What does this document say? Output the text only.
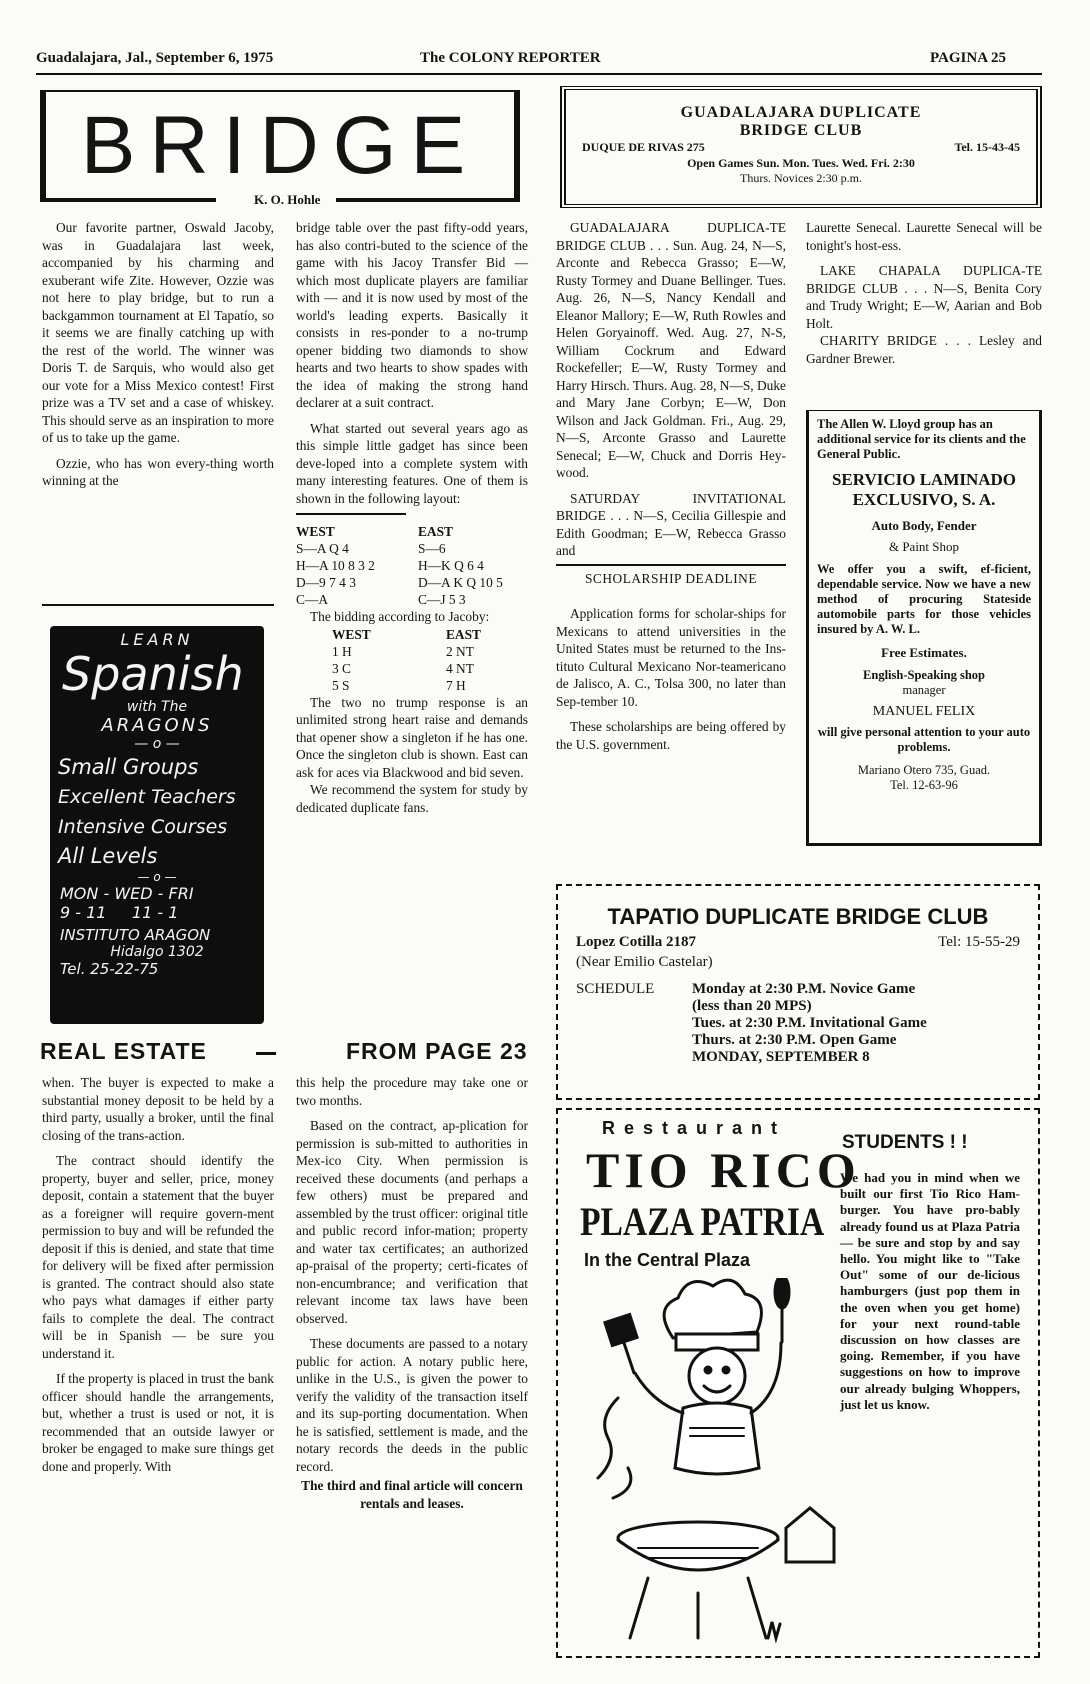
Guadalajara, Jal., September 6, 1975	The COLONY REPORTER	PAGINA 25
BRIDGE
K. O. Hohle

Our favorite partner, Oswald Jacoby, was in Guadalajara last week, accompanied by his charming and exuberant wife Zite. However, Ozzie was not here to play bridge, but to run a backgammon tournament at El Tapatío, so it seems we are finally catching up with the rest of the world. The winner was Doris T. de Sarquis, who would also get our vote for a Miss Mexico contest! First prize was a TV set and a case of whiskey. This should serve as an inspiration to more of us to take up the game.

Ozzie, who has won every-thing worth winning at the

bridge table over the past fifty-odd years, has also contri-buted to the science of the game with his Jacoy Transfer Bid — which most duplicate players are familiar with — and it is now used by most of the world's leading experts. Basically it consists in res-ponder to a no-trump opener bidding two diamonds to show hearts and two hearts to show spades with the idea of making the strong hand declarer at a suit contract.

What started out several years ago as this simple little gadget has since been deve-loped into a complete system with many interesting features. One of them is shown in the following layout:

WEST	EAST
S—A Q 4	S—6
H—A 10 8 3 2	H—K Q 6 4
D—9 7 4 3	D—A K Q 10 5
C—A	C—J 5 3

The bidding according to Jacoby:

WEST	EAST
1 H	2 NT
3 C	4 NT
5 S	7 H

The two no trump response is an unlimited strong heart raise and demands that opener show a singleton if he has one. Once the singleton club is shown. East can ask for aces via Blackwood and bid seven.

We recommend the system for study by dedicated duplicate fans.

LEARN
Spanish
with The
ARAGONS
— o —
Small Groups
Excellent Teachers
Intensive Courses
All Levels
— o —
MON - WED - FRI
9 - 11     11 - 1
INSTITUTO ARAGON
Hidalgo 1302
Tel. 25-22-75
REAL ESTATE	FROM PAGE 23

when. The buyer is expected to make a substantial money deposit to be held by a third party, usually a broker, until the final closing of the trans-action.

The contract should identify the property, buyer and seller, price, money deposit, contain a statement that the buyer as a foreigner will require govern-ment permission to buy and will be refunded the deposit if this is denied, and state that time for delivery will be fixed after permission is granted. The contract should also state who pays what damages if either party fails to complete the deal. The contract will be in Spanish — be sure you understand it.

If the property is placed in trust the bank officer should handle the arrangements, but, whether a trust is used or not, it is recommended that an outside lawyer or broker be engaged to make sure things get done and properly. With

this help the procedure may take one or two months.

Based on the contract, ap-plication for permission is sub-mitted to authorities in Mex-ico City. When permission is received these documents (and perhaps a few others) must be prepared and assembled by the trust officer: original title and public record infor-mation; property and water tax certificates; an authorized ap-praisal of the property; certi-ficates of non-encumbrance; and verification that relevant income tax laws have been observed.

These documents are passed to a notary public for action. A notary public here, unlike in the U.S., is given the power to verify the validity of the transaction itself and its sup-porting documentation. When he is satisfied, settlement is made, and the notary records the deeds in the public record.

The third and final article will concern rentals and leases.

GUADALAJARA DUPLICATE
BRIDGE CLUB
DUQUE DE RIVAS 275	Tel. 15-43-45
Open Games Sun. Mon. Tues. Wed. Fri. 2:30
Thurs. Novices 2:30 p.m.

GUADALAJARA DUPLICA-TE BRIDGE CLUB . . . Sun. Aug. 24, N—S, Arconte and Rebecca Grasso; E—W, Rusty Tormey and Duane Bellinger. Tues. Aug. 26, N—S, Nancy Kendall and Eleanor Mallory; E—W, Ruth Rowles and Helen Goryainoff. Wed. Aug. 27, N-S, William Cockrum and Edward Rockefeller; E—W, Rusty Tormey and Harry Hirsch. Thurs. Aug. 28, N—S, Duke and Mary Jane Corbyn; E—W, Don Wilson and Jack Goldman. Fri., Aug. 29, N—S, Arconte Grasso and Laurette Senecal; E—W, Chuck and Dorris Hey-wood.

SATURDAY INVITATIONAL BRIDGE . . . N—S, Cecilia Gillespie and Edith Goodman; E—W, Rebecca Grasso and

SCHOLARSHIP DEADLINE

Application forms for scholar-ships for Mexicans to attend universities in the United States must be returned to the Ins-tituto Cultural Mexicano Nor-teamericano de Jalisco, A. C., Tolsa 300, no later than Sep-tember 10.

These scholarships are being offered by the U.S. government.

Laurette Senecal. Laurette Senecal will be tonight's host-ess.

LAKE CHAPALA DUPLICA-TE BRIDGE CLUB . . . N—S, Benita Cory and Trudy Wright; E—W, Aarian and Bob Holt.

CHARITY BRIDGE . . . Lesley and Gardner Brewer.

The Allen W. Lloyd group has an additional service for its clients and the General Public.
SERVICIO LAMINADO
EXCLUSIVO, S. A.
Auto Body, Fender
& Paint Shop
We offer you a swift, ef-ficient, dependable service. Now we have a new method of procuring Stateside automobile parts for those vehicles insured by A. W. L.
Free Estimates.
English-Speaking shop
manager
MANUEL FELIX
will give personal attention to your auto problems.
Mariano Otero 735, Guad.
Tel. 12-63-96
TAPATIO DUPLICATE BRIDGE CLUB
Lopez Cotilla 2187	Tel: 15-55-29
(Near Emilio Castelar)
SCHEDULE	Monday at 2:30 P.M. Novice Game
(less than 20 MPS)
Tues. at 2:30 P.M. Invitational Game
Thurs. at 2:30 P.M. Open Game
MONDAY, SEPTEMBER 8
Restaurant
TIO RICO
PLAZA PATRIA
In the Central Plaza
STUDENTS ! !
We had you in mind when we built our first Tio Rico Ham-burger. You have pro-bably already found us at Plaza Patria — be sure and stop by and say hello. You might like to "Take Out" some of our de-licious hamburgers (just pop them in the oven when you get home) for your next round-table discussion on how classes are going. Remember, if you have suggestions on how to improve our already bulging Whoppers, just let us know.
